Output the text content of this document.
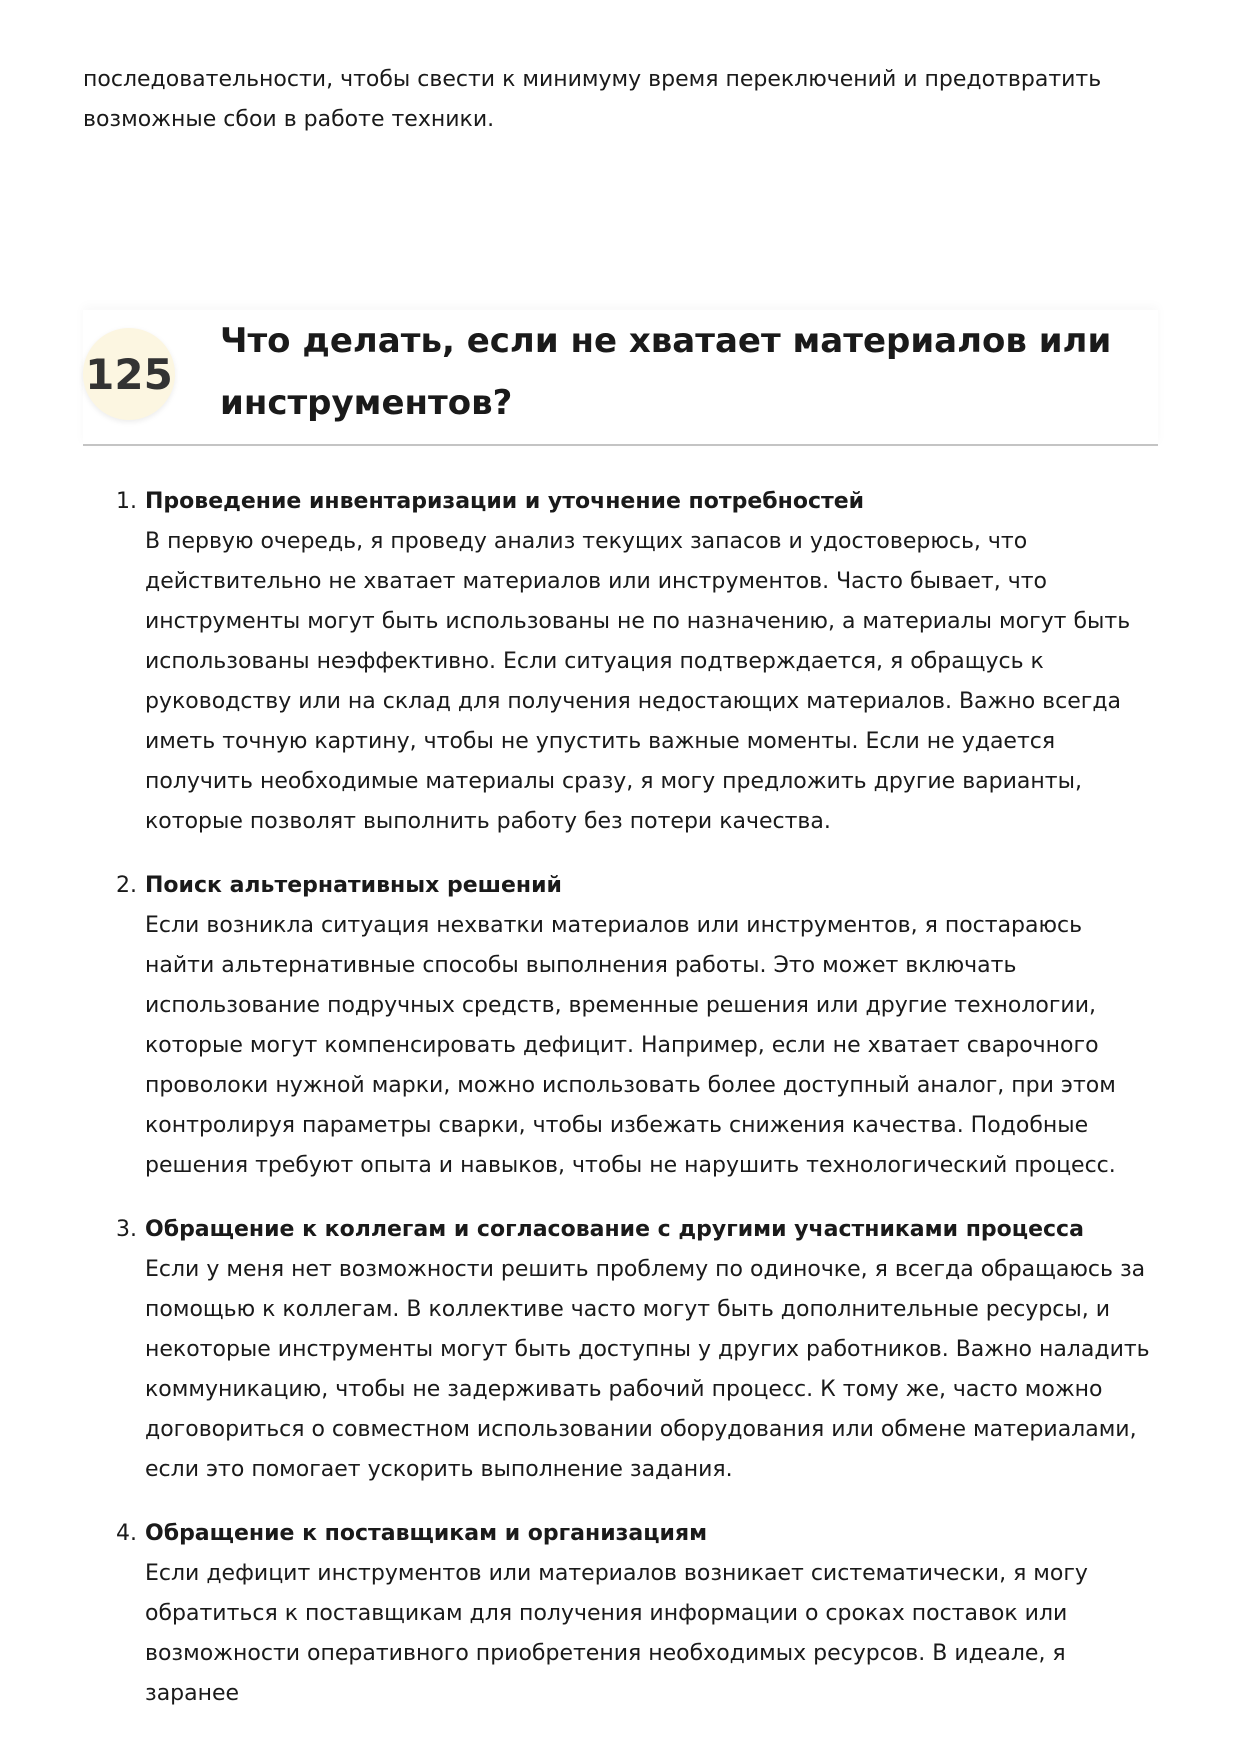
последовательности, чтобы свести к минимуму время переключений и предотвратить возможные сбои в работе техники.

125
Что делать, если не хватает материалов или инструментов?
1. Проведение инвентаризации и уточнение потребностей

В первую очередь, я проведу анализ текущих запасов и удостоверюсь, что действительно не хватает материалов или инструментов. Часто бывает, что инструменты могут быть использованы не по назначению, а материалы могут быть использованы неэффективно. Если ситуация подтверждается, я обращусь к руководству или на склад для получения недостающих материалов. Важно всегда иметь точную картину, чтобы не упустить важные моменты. Если не удается получить необходимые материалы сразу, я могу предложить другие варианты, которые позволят выполнить работу без потери качества.

2. Поиск альтернативных решений

Если возникла ситуация нехватки материалов или инструментов, я постараюсь найти альтернативные способы выполнения работы. Это может включать использование подручных средств, временные решения или другие технологии, которые могут компенсировать дефицит. Например, если не хватает сварочного проволоки нужной марки, можно использовать более доступный аналог, при этом контролируя параметры сварки, чтобы избежать снижения качества. Подобные решения требуют опыта и навыков, чтобы не нарушить технологический процесс.

3. Обращение к коллегам и согласование с другими участниками процесса

Если у меня нет возможности решить проблему по одиночке, я всегда обращаюсь за помощью к коллегам. В коллективе часто могут быть дополнительные ресурсы, и некоторые инструменты могут быть доступны у других работников. Важно наладить коммуникацию, чтобы не задерживать рабочий процесс. К тому же, часто можно договориться о совместном использовании оборудования или обмене материалами, если это помогает ускорить выполнение задания.

4. Обращение к поставщикам и организациям

Если дефицит инструментов или материалов возникает систематически, я могу обратиться к поставщикам для получения информации о сроках поставок или возможности оперативного приобретения необходимых ресурсов. В идеале, я заранее
